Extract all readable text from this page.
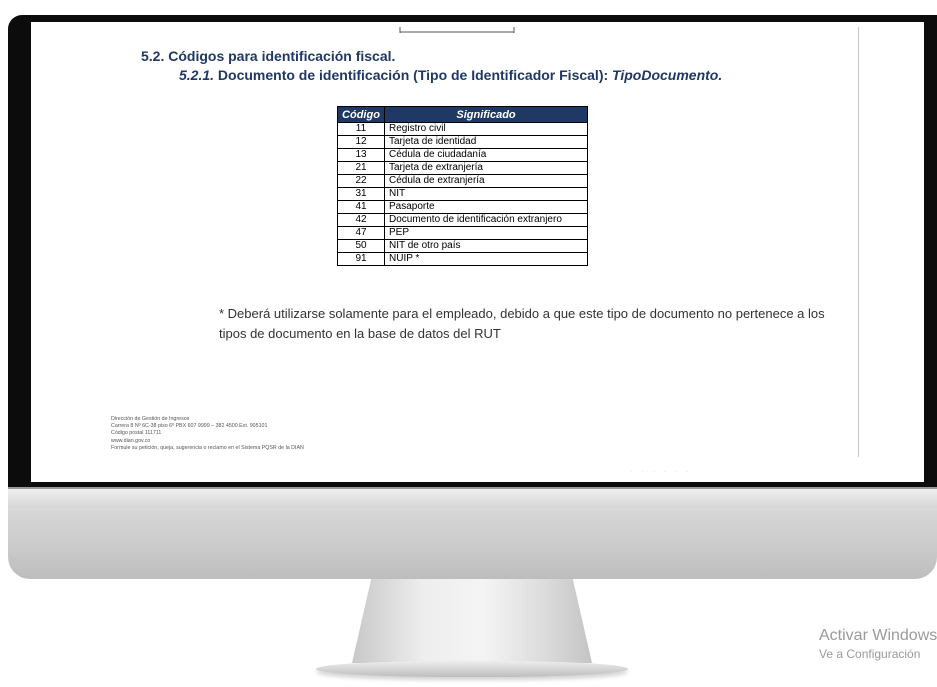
5.2. Códigos para identificación fiscal.
5.2.1. Documento de identificación (Tipo de Identificador Fiscal): TipoDocumento.
Código	Significado
11	Registro civil
12	Tarjeta de identidad
13	Cédula de ciudadanía
21	Tarjeta de extranjería
22	Cédula de extranjería
31	NIT
41	Pasaporte
42	Documento de identificación extranjero
47	PEP
50	NIT de otro país
91	NUIP *
* Deberá utilizarse solamente para el empleado, debido a que este tipo de documento no pertenece a los tipos de documento en la base de datos del RUT
Dirección de Gestión de Ingresos
Carrera 8 Nº 6C-38 piso 6º PBX 607 9999 – 382 4500 Ext. 905101
Código postal 111711
www.dian.gov.co
Formule su petición, queja, sugerencia o reclamo en el Sistema PQSR de la DIAN
· · · · · ·
Activar Windows
Ve a Configuración
